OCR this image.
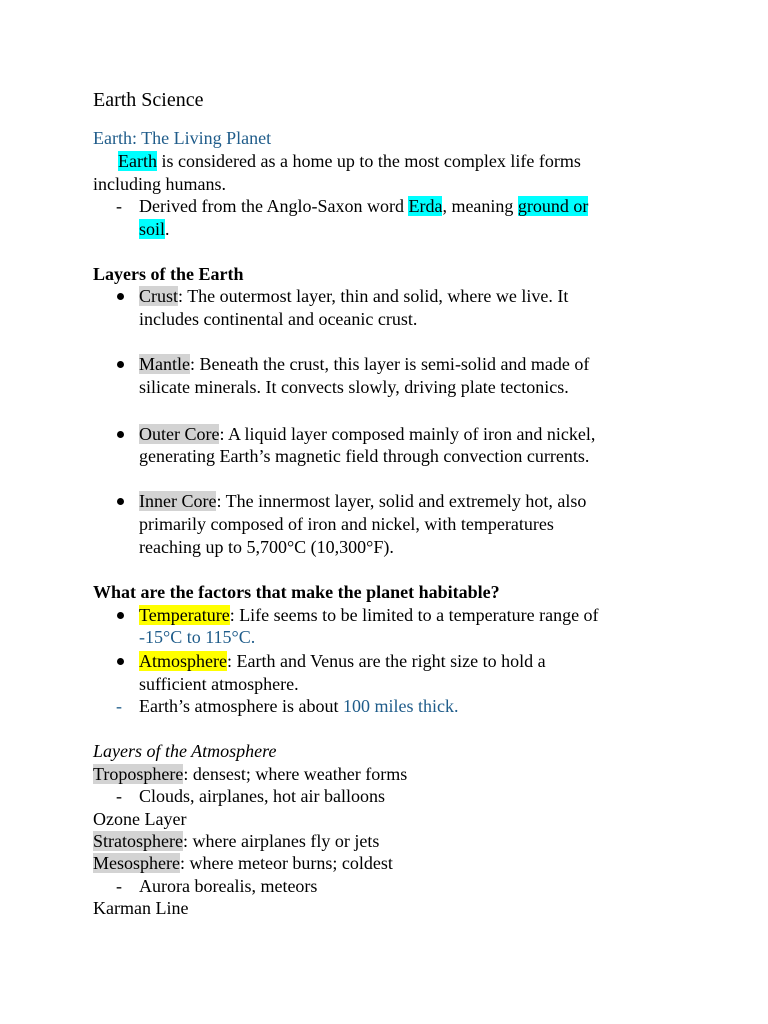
Earth Science
Earth: The Living Planet
Earth is considered as a home up to the most complex life forms
including humans.
- Derived from the Anglo-Saxon word Erda, meaning ground or
soil.
Layers of the Earth
Crust: The outermost layer, thin and solid, where we live. It
includes continental and oceanic crust.
Mantle: Beneath the crust, this layer is semi-solid and made of
silicate minerals. It convects slowly, driving plate tectonics.
Outer Core: A liquid layer composed mainly of iron and nickel,
generating Earth’s magnetic field through convection currents.
Inner Core: The innermost layer, solid and extremely hot, also
primarily composed of iron and nickel, with temperatures
reaching up to 5,700°C (10,300°F).
What are the factors that make the planet habitable?
Temperature: Life seems to be limited to a temperature range of
-15°C to 115°C.
Atmosphere: Earth and Venus are the right size to hold a
sufficient atmosphere.
- Earth’s atmosphere is about 100 miles thick.
Layers of the Atmosphere
Troposphere: densest; where weather forms
- Clouds, airplanes, hot air balloons
Ozone Layer
Stratosphere: where airplanes fly or jets
Mesosphere: where meteor burns; coldest
- Aurora borealis, meteors
Karman Line
